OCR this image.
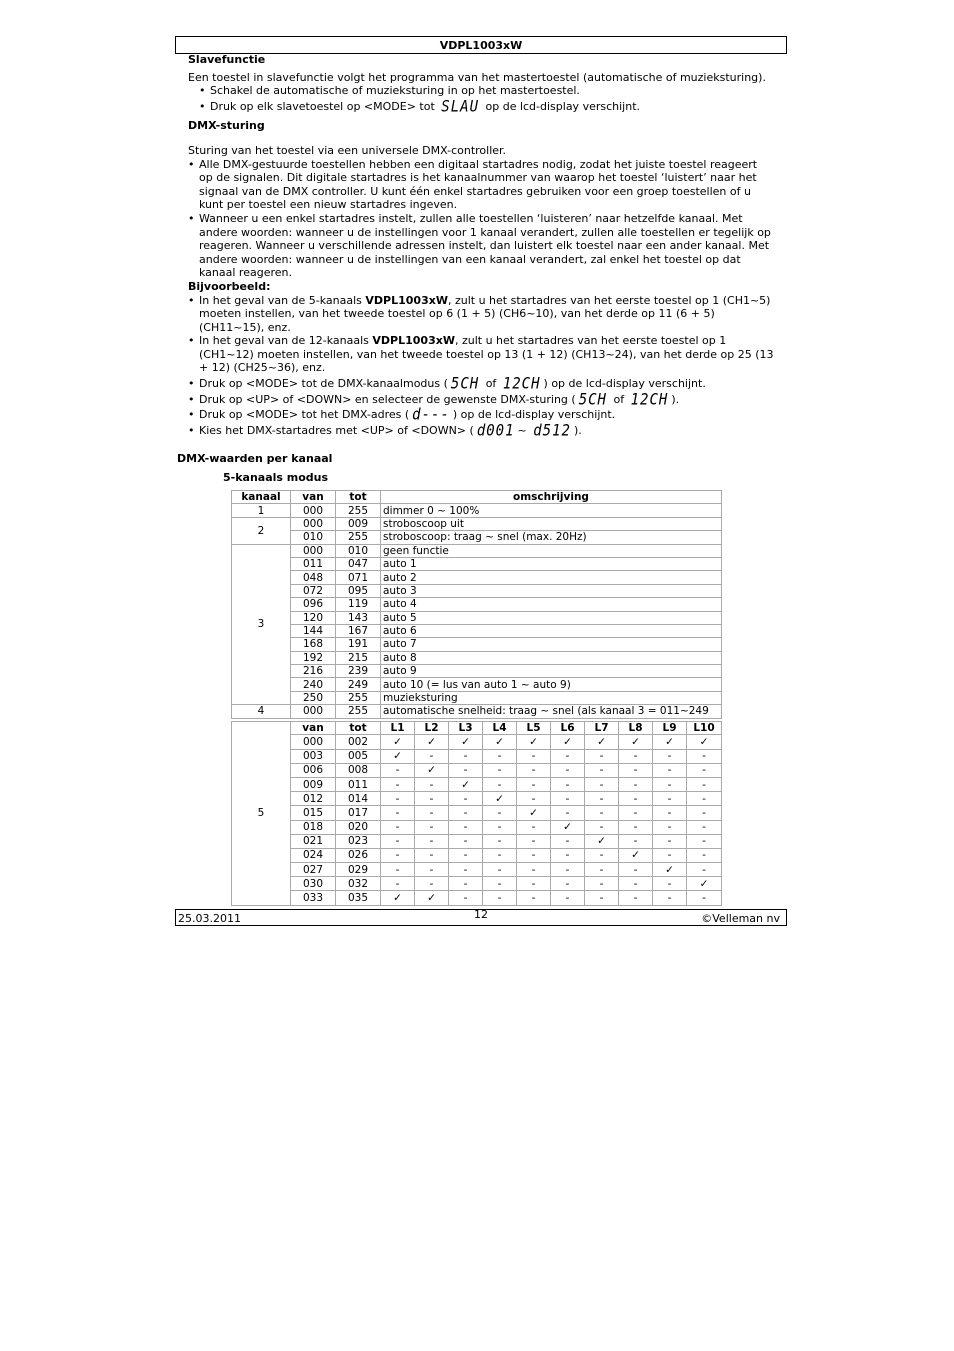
VDPL1003xW

Slavefunctie

Een toestel in slavefunctie volgt het programma van het mastertoestel (automatische of muzieksturing).

• Schakel de automatische of muzieksturing in op het mastertoestel.
• Druk op elk slavetoestel op <MODE> tot SLAU op de lcd-display verschijnt.

DMX-sturing

Sturing van het toestel via een universele DMX-controller.

• Alle DMX-gestuurde toestellen hebben een digitaal startadres nodig, zodat het juiste toestel reageert op de signalen. Dit digitale startadres is het kanaalnummer van waarop het toestel ‘luistert’ naar het signaal van de DMX controller. U kunt één enkel startadres gebruiken voor een groep toestellen of u kunt per toestel een nieuw startadres ingeven.
• Wanneer u een enkel startadres instelt, zullen alle toestellen ‘luisteren’ naar hetzelfde kanaal. Met andere woorden: wanneer u de instellingen voor 1 kanaal verandert, zullen alle toestellen er tegelijk op reageren. Wanneer u verschillende adressen instelt, dan luistert elk toestel naar een ander kanaal. Met andere woorden: wanneer u de instellingen van een kanaal verandert, zal enkel het toestel op dat kanaal reageren.

Bijvoorbeeld:

• In het geval van de 5-kanaals VDPL1003xW, zult u het startadres van het eerste toestel op 1 (CH1~5) moeten instellen, van het tweede toestel op 6 (1 + 5) (CH6~10), van het derde op 11 (6 + 5) (CH11~15), enz.
• In het geval van de 12-kanaals VDPL1003xW, zult u het startadres van het eerste toestel op 1 (CH1~12) moeten instellen, van het tweede toestel op 13 (1 + 12) (CH13~24), van het derde op 25 (13 + 12) (CH25~36), enz.
• Druk op <MODE> tot de DMX-kanaalmodus ( 5CH of 12CH ) op de lcd-display verschijnt.
• Druk op <UP> of <DOWN> en selecteer de gewenste DMX-sturing ( 5CH of 12CH ).
• Druk op <MODE> tot het DMX-adres ( d--- ) op de lcd-display verschijnt.
• Kies het DMX-startadres met <UP> of <DOWN> ( d001 ~ d512 ).

DMX-waarden per kanaal

5-kanaals modus

kanaal	van	tot	omschrijving
1	000	255	dimmer 0 ~ 100%
2	000	009	stroboscoop uit
	010	255	stroboscoop: traag ~ snel (max. 20Hz)
3	000	010	geen functie
	011	047	auto 1
	048	071	auto 2
	072	095	auto 3
	096	119	auto 4
	120	143	auto 5
	144	167	auto 6
	168	191	auto 7
	192	215	auto 8
	216	239	auto 9
	240	249	auto 10 (= lus van auto 1 ~ auto 9)
	250	255	muzieksturing
4	000	255	automatische snelheid: traag ~ snel (als kanaal 3 = 011~249
5	van	tot	L1	L2	L3	L4	L5	L6	L7	L8	L9	L10
	000	002	✓	✓	✓	✓	✓	✓	✓	✓	✓	✓
	003	005	✓	-	-	-	-	-	-	-	-	-
	006	008	-	✓	-	-	-	-	-	-	-	-
	009	011	-	-	✓	-	-	-	-	-	-	-
	012	014	-	-	-	✓	-	-	-	-	-	-
	015	017	-	-	-	-	✓	-	-	-	-	-
	018	020	-	-	-	-	-	✓	-	-	-	-
	021	023	-	-	-	-	-	-	✓	-	-	-
	024	026	-	-	-	-	-	-	-	✓	-	-
	027	029	-	-	-	-	-	-	-	-	✓	-
	030	032	-	-	-	-	-	-	-	-	-	✓
	033	035	✓	✓	-	-	-	-	-	-	-	-
25.03.2011	12	©Velleman nv
